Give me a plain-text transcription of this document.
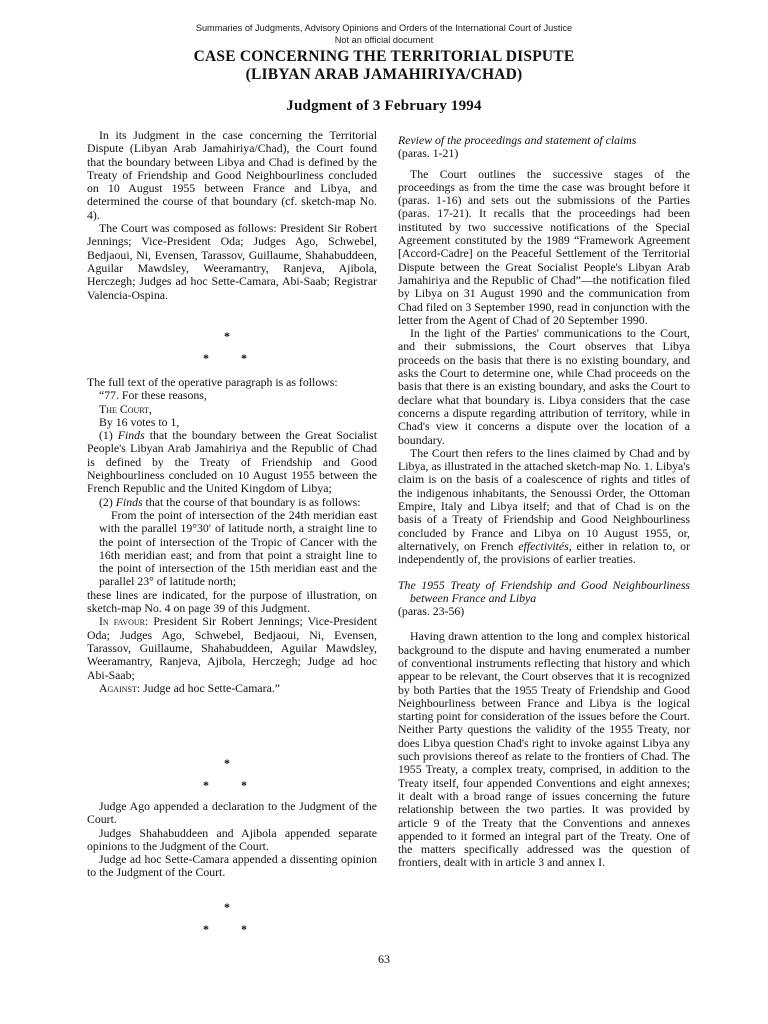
Summaries of Judgments, Advisory Opinions and Orders of the International Court of Justice
Not an official document
CASE CONCERNING THE TERRITORIAL DISPUTE
(LIBYAN ARAB JAMAHIRIYA/CHAD)
Judgment of 3 February 1994

In its Judgment in the case concerning the Territorial Dispute (Libyan Arab Jamahiriya/Chad), the Court found that the boundary between Libya and Chad is defined by the Treaty of Friendship and Good Neighbourliness concluded on 10 August 1955 between France and Libya, and determined the course of that boundary (cf. sketch-map No. 4).

The Court was composed as follows: President Sir Robert Jennings; Vice-President Oda; Judges Ago, Schwebel, Bedjaoui, Ni, Evensen, Tarassov, Guillaume, Shahabuddeen, Aguilar Mawdsley, Weeramantry, Ranjeva, Ajibola, Herczegh; Judges ad hoc Sette-Camara, Abi-Saab; Registrar Valencia-Ospina.

*
*	*

The full text of the operative paragraph is as follows:

“77. For these reasons,

The Court,

By 16 votes to 1,

(1) Finds that the boundary between the Great Socialist People's Libyan Arab Jamahiriya and the Republic of Chad is defined by the Treaty of Friendship and Good Neighbourliness concluded on 10 August 1955 between the French Republic and the United Kingdom of Libya;

(2) Finds that the course of that boundary is as follows:

From the point of intersection of the 24th meridian east with the parallel 19°30′ of latitude north, a straight line to the point of intersection of the Tropic of Cancer with the 16th meridian east; and from that point a straight line to the point of intersection of the 15th meridian east and the parallel 23° of latitude north;

these lines are indicated, for the purpose of illustration, on sketch-map No. 4 on page 39 of this Judgment.

In favour: President Sir Robert Jennings; Vice-President Oda; Judges Ago, Schwebel, Bedjaoui, Ni, Evensen, Tarassov, Guillaume, Shahabuddeen, Aguilar Mawdsley, Weeramantry, Ranjeva, Ajibola, Herczegh; Judge ad hoc Abi-Saab;

Against: Judge ad hoc Sette-Camara.”

*
*	*

Judge Ago appended a declaration to the Judgment of the Court.

Judges Shahabuddeen and Ajibola appended separate opinions to the Judgment of the Court.

Judge ad hoc Sette-Camara appended a dissenting opinion to the Judgment of the Court.

*
*	*

Review of the proceedings and statement of claims

(paras. 1-21)

The Court outlines the successive stages of the proceedings as from the time the case was brought before it (paras. 1-16) and sets out the submissions of the Parties (paras. 17-21). It recalls that the proceedings had been instituted by two successive notifications of the Special Agreement constituted by the 1989 “Framework Agreement [Accord-Cadre] on the Peaceful Settlement of the Territorial Dispute between the Great Socialist People's Libyan Arab Jamahiriya and the Republic of Chad”—the notification filed by Libya on 31 August 1990 and the communication from Chad filed on 3 September 1990, read in conjunction with the letter from the Agent of Chad of 20 September 1990.

In the light of the Parties' communications to the Court, and their submissions, the Court observes that Libya proceeds on the basis that there is no existing boundary, and asks the Court to determine one, while Chad proceeds on the basis that there is an existing boundary, and asks the Court to declare what that boundary is. Libya considers that the case concerns a dispute regarding attribution of territory, while in Chad's view it concerns a dispute over the location of a boundary.

The Court then refers to the lines claimed by Chad and by Libya, as illustrated in the attached sketch-map No. 1. Libya's claim is on the basis of a coalescence of rights and titles of the indigenous inhabitants, the Senoussi Order, the Ottoman Empire, Italy and Libya itself; and that of Chad is on the basis of a Treaty of Friendship and Good Neighbourliness concluded by France and Libya on 10 August 1955, or, alternatively, on French effectivités, either in relation to, or independently of, the provisions of earlier treaties.

The 1955 Treaty of Friendship and Good Neighbourliness between France and Libya

(paras. 23-56)

Having drawn attention to the long and complex historical background to the dispute and having enumerated a number of conventional instruments reflecting that history and which appear to be relevant, the Court observes that it is recognized by both Parties that the 1955 Treaty of Friendship and Good Neighbourliness between France and Libya is the logical starting point for consideration of the issues before the Court. Neither Party questions the validity of the 1955 Treaty, nor does Libya question Chad's right to invoke against Libya any such provisions thereof as relate to the frontiers of Chad. The 1955 Treaty, a complex treaty, comprised, in addition to the Treaty itself, four appended Conventions and eight annexes; it dealt with a broad range of issues concerning the future relationship between the two parties. It was provided by article 9 of the Treaty that the Conventions and annexes appended to it formed an integral part of the Treaty. One of the matters specifically addressed was the question of frontiers, dealt with in article 3 and annex I.

63
